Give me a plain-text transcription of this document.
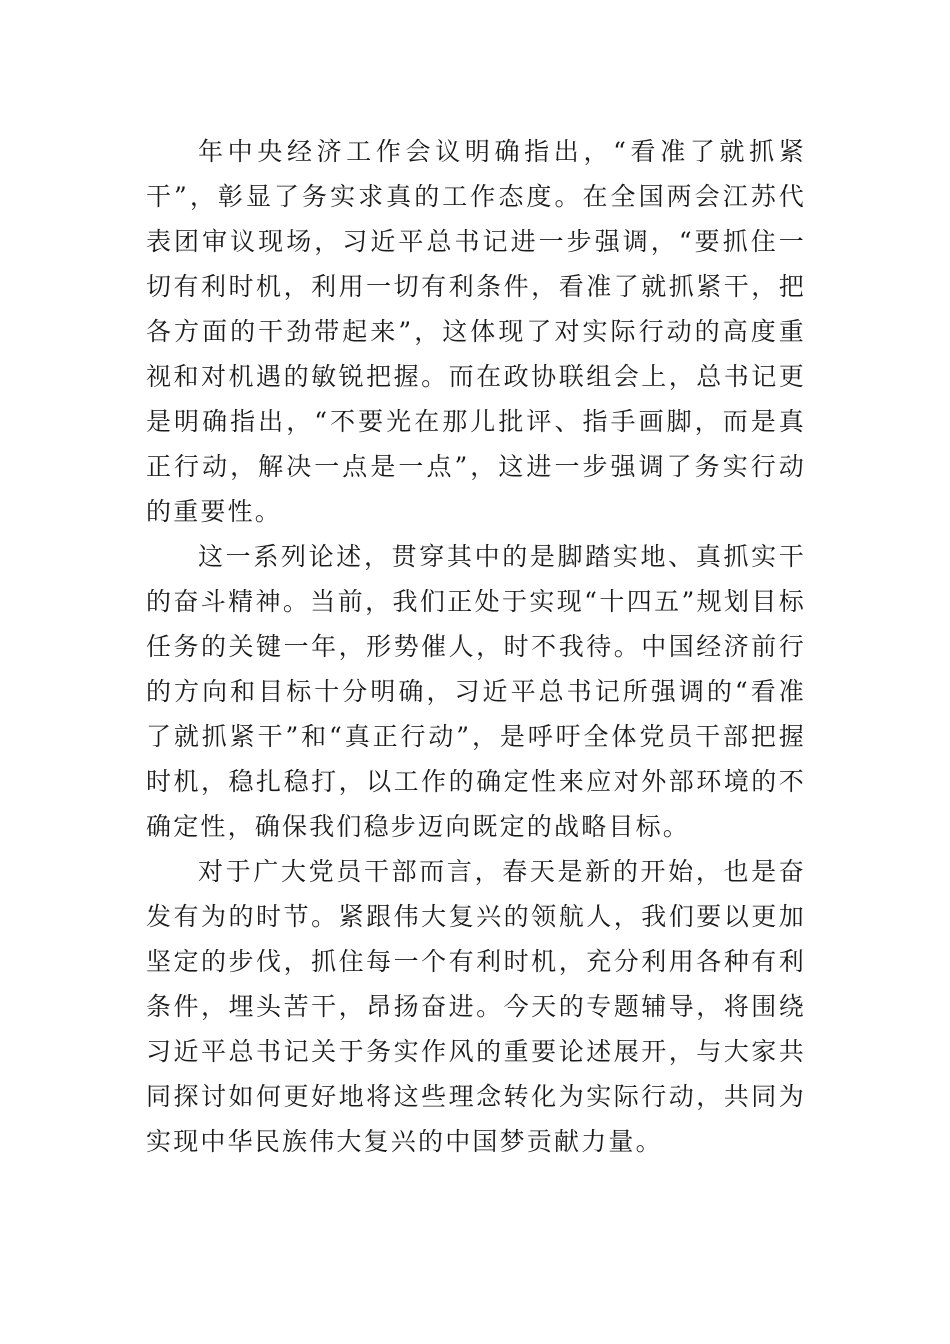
年中央经济工作会议明确指出，“看准了就抓紧干”，彰显了务实求真的工作态度。在全国两会江苏代表团审议现场，习近平总书记进一步强调，“要抓住一切有利时机，利用一切有利条件，看准了就抓紧干，把各方面的干劲带起来”，这体现了对实际行动的高度重视和对机遇的敏锐把握。而在政协联组会上，总书记更是明确指出，“不要光在那儿批评、指手画脚，而是真正行动，解决一点是一点”，这进一步强调了务实行动的重要性。

这一系列论述，贯穿其中的是脚踏实地、真抓实干的奋斗精神。当前，我们正处于实现“十四五”规划目标任务的关键一年，形势催人，时不我待。中国经济前行的方向和目标十分明确，习近平总书记所强调的“看准了就抓紧干”和“真正行动”，是呼吁全体党员干部把握时机，稳扎稳打，以工作的确定性来应对外部环境的不确定性，确保我们稳步迈向既定的战略目标。

对于广大党员干部而言，春天是新的开始，也是奋发有为的时节。紧跟伟大复兴的领航人，我们要以更加坚定的步伐，抓住每一个有利时机，充分利用各种有利条件，埋头苦干，昂扬奋进。今天的专题辅导，将围绕习近平总书记关于务实作风的重要论述展开，与大家共同探讨如何更好地将这些理念转化为实际行动，共同为实现中华民族伟大复兴的中国梦贡献力量。
